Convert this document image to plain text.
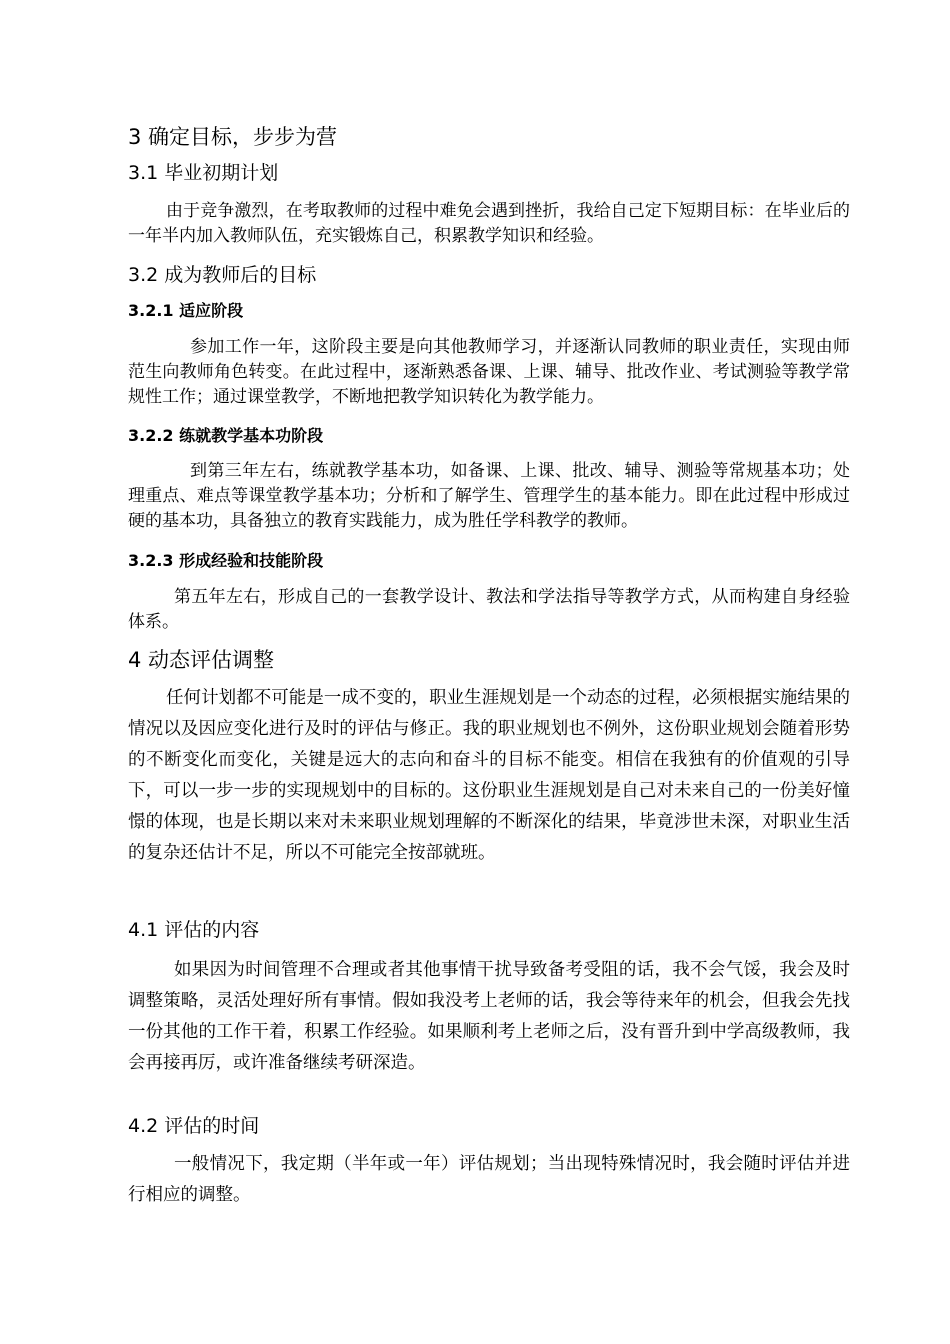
3 确定目标，步步为营
3.1 毕业初期计划

由于竞争激烈，在考取教师的过程中难免会遇到挫折，我给自己定下短期目标：在毕业后的一年半内加入教师队伍，充实锻炼自己，积累教学知识和经验。

3.2 成为教师后的目标
3.2.1 适应阶段

参加工作一年，这阶段主要是向其他教师学习，并逐渐认同教师的职业责任，实现由师范生向教师角色转变。在此过程中，逐渐熟悉备课、上课、辅导、批改作业、考试测验等教学常规性工作；通过课堂教学，不断地把教学知识转化为教学能力。

3.2.2 练就教学基本功阶段

到第三年左右，练就教学基本功，如备课、上课、批改、辅导、测验等常规基本功；处理重点、难点等课堂教学基本功；分析和了解学生、管理学生的基本能力。即在此过程中形成过硬的基本功，具备独立的教育实践能力，成为胜任学科教学的教师。

3.2.3 形成经验和技能阶段

第五年左右，形成自己的一套教学设计、教法和学法指导等教学方式，从而构建自身经验体系。

4 动态评估调整

任何计划都不可能是一成不变的，职业生涯规划是一个动态的过程，必须根据实施结果的情况以及因应变化进行及时的评估与修正。我的职业规划也不例外，这份职业规划会随着形势的不断变化而变化，关键是远大的志向和奋斗的目标不能变。相信在我独有的价值观的引导下，可以一步一步的实现规划中的目标的。这份职业生涯规划是自己对未来自己的一份美好憧憬的体现，也是长期以来对未来职业规划理解的不断深化的结果，毕竟涉世未深，对职业生活的复杂还估计不足，所以不可能完全按部就班。

4.1 评估的内容

如果因为时间管理不合理或者其他事情干扰导致备考受阻的话，我不会气馁，我会及时调整策略，灵活处理好所有事情。假如我没考上老师的话，我会等待来年的机会，但我会先找一份其他的工作干着，积累工作经验。如果顺利考上老师之后，没有晋升到中学高级教师，我会再接再厉，或许准备继续考研深造。

4.2 评估的时间

一般情况下，我定期（半年或一年）评估规划；当出现特殊情况时，我会随时评估并进行相应的调整。
